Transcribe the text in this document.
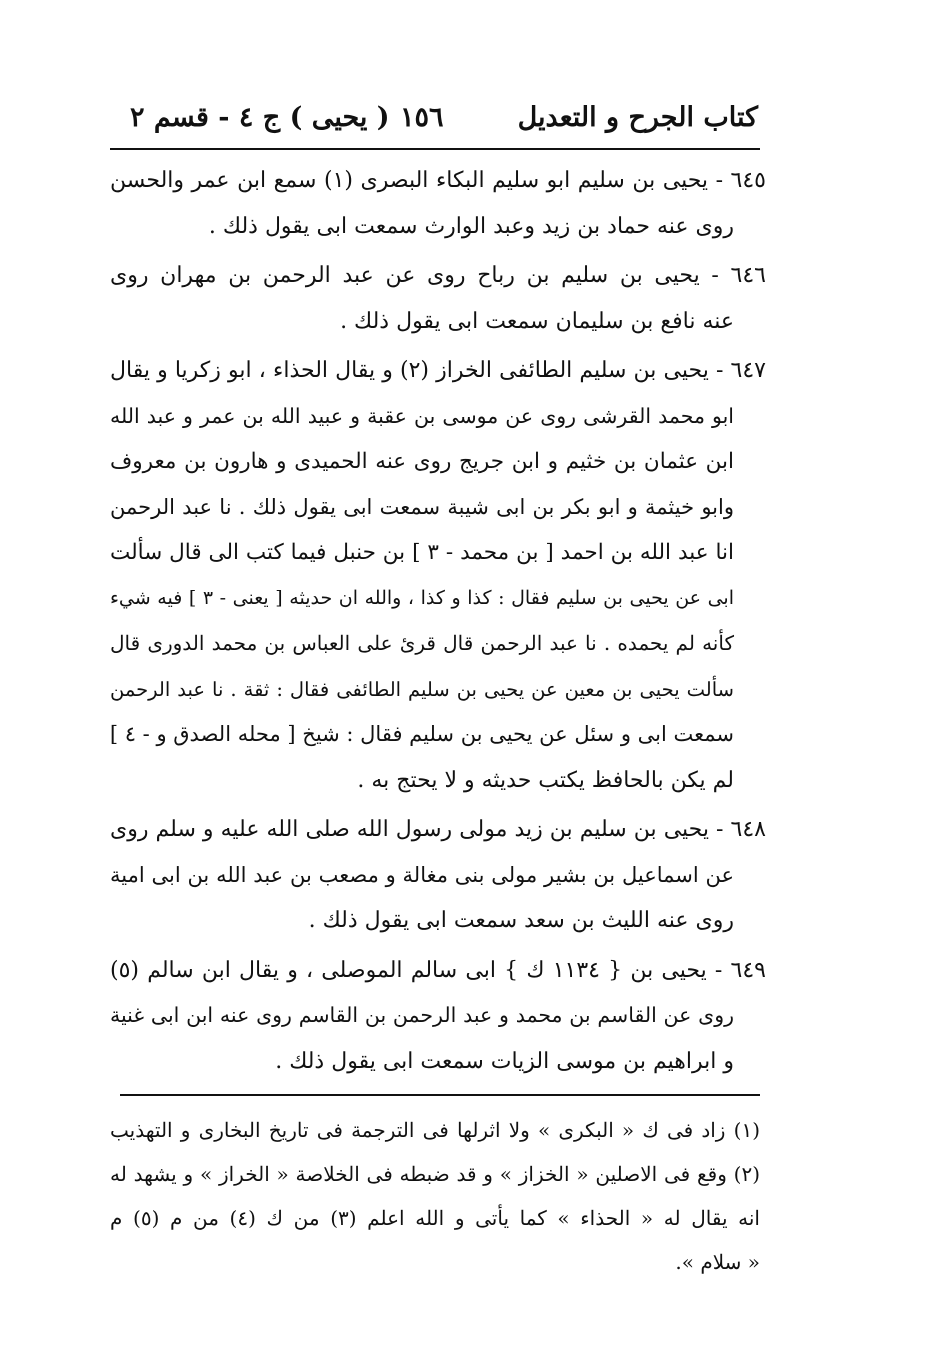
كتاب الجرح و التعديل
١٥٦
( يحيى ) ج ٤ - قسم ٢
٦٤٥ - يحيى بن سليم ابو سليم البكاء البصرى (١) سمع ابن عمر والحسن
روى عنه حماد بن زيد وعبد الوارث سمعت ابى يقول ذلك .
٦٤٦ - يحيى بن سليم بن رباح روى عن عبد الرحمن بن مهران روى
عنه نافع بن سليمان سمعت ابى يقول ذلك .
٦٤٧ - يحيى بن سليم الطائفى الخراز (٢) و يقال الحذاء ، ابو زكريا و يقال
ابو محمد القرشى روى عن موسى بن عقبة و عبيد الله بن عمر و عبد الله
ابن عثمان بن خثيم و ابن جريج روى عنه الحميدى و هارون بن معروف
وابو خيثمة و ابو بكر بن ابى شيبة سمعت ابى يقول ذلك . نا عبد الرحمن
انا عبد الله بن احمد [ بن محمد - ٣ ] بن حنبل فيما كتب الى قال سألت
ابى عن يحيى بن سليم فقال : كذا و كذا ، والله ان حديثه [ يعنى - ٣ ] فيه شيء
كأنه لم يحمده . نا عبد الرحمن قال قرئ على العباس بن محمد الدورى قال
سألت يحيى بن معين عن يحيى بن سليم الطائفى فقال : ثقة . نا عبد الرحمن
سمعت ابى و سئل عن يحيى بن سليم فقال : شيخ [ محله الصدق و - ٤ ]
لم يكن بالحافظ يكتب حديثه و لا يحتج به .
٦٤٨ - يحيى بن سليم بن زيد مولى رسول الله صلى الله عليه و سلم روى
عن اسماعيل بن بشير مولى بنى مغالة و مصعب بن عبد الله بن ابى امية
روى عنه الليث بن سعد سمعت ابى يقول ذلك .
٦٤٩ - يحيى بن { ١١٣٤ ك } ابى سالم الموصلى ، و يقال ابن سالم (٥)
روى عن القاسم بن محمد و عبد الرحمن بن القاسم روى عنه ابن ابى غنية
و ابراهيم بن موسى الزيات سمعت ابى يقول ذلك .
(١) زاد فى ك « البكرى » ولا اثرلها فى الترجمة فى تاريخ البخارى و التهذيب
(٢) وقع فى الاصلين « الخزاز » و قد ضبطه فى الخلاصة « الخراز » و يشهد له
انه يقال له « الحذاء » كما يأتى و الله اعلم (٣) من ك (٤) من م (٥) م
« سلام ».
